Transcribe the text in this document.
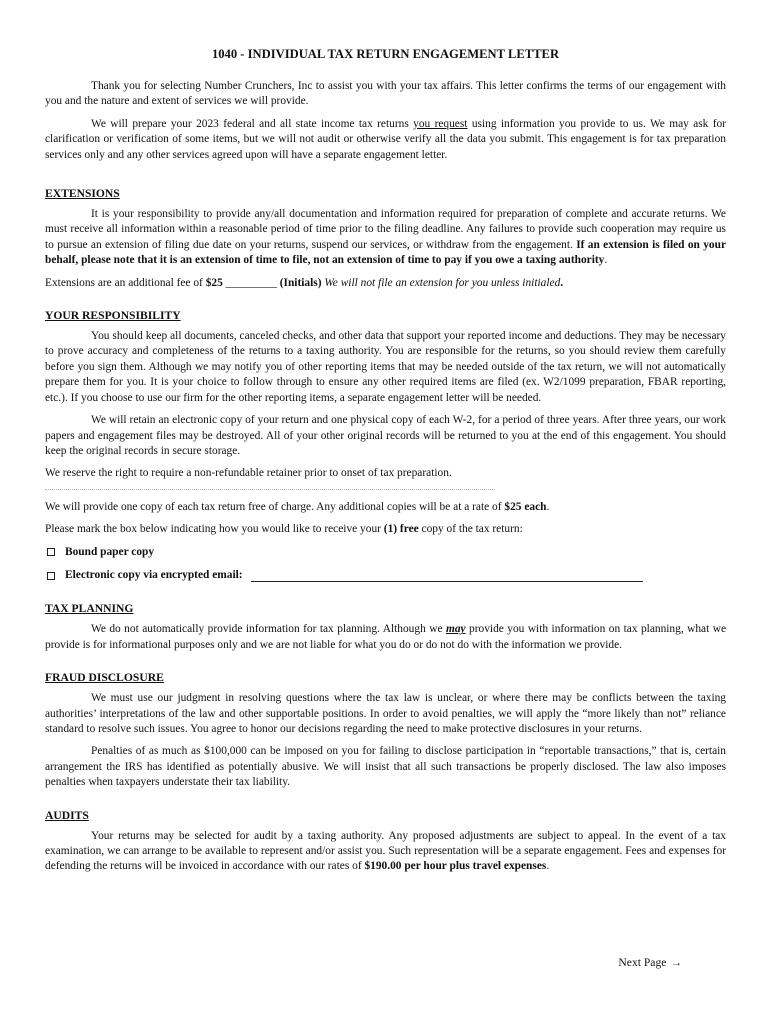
1040 - INDIVIDUAL TAX RETURN ENGAGEMENT LETTER

Thank you for selecting Number Crunchers, Inc to assist you with your tax affairs. This letter confirms the terms of our engagement with you and the nature and extent of services we will provide.

We will prepare your 2023 federal and all state income tax returns you request using information you provide to us. We may ask for clarification or verification of some items, but we will not audit or otherwise verify all the data you submit. This engagement is for tax preparation services only and any other services agreed upon will have a separate engagement letter.

EXTENSIONS

It is your responsibility to provide any/all documentation and information required for preparation of complete and accurate returns. We must receive all information within a reasonable period of time prior to the filing deadline. Any failures to provide such cooperation may require us to pursue an extension of filing due date on your returns, suspend our services, or withdraw from the engagement. If an extension is filed on your behalf, please note that it is an extension of time to file, not an extension of time to pay if you owe a taxing authority.

Extensions are an additional fee of $25 _________ (Initials) We will not file an extension for you unless initialed.

YOUR RESPONSIBILITY

You should keep all documents, canceled checks, and other data that support your reported income and deductions. They may be necessary to prove accuracy and completeness of the returns to a taxing authority. You are responsible for the returns, so you should review them carefully before you sign them. Although we may notify you of other reporting items that may be needed outside of the tax return, we will not automatically prepare them for you. It is your choice to follow through to ensure any other required items are filed (ex. W2/1099 preparation, FBAR reporting, etc.). If you choose to use our firm for the other reporting items, a separate engagement letter will be needed.

We will retain an electronic copy of your return and one physical copy of each W-2, for a period of three years. After three years, our work papers and engagement files may be destroyed. All of your other original records will be returned to you at the end of this engagement. You should keep the original records in secure storage.

We reserve the right to require a non-refundable retainer prior to onset of tax preparation.

We will provide one copy of each tax return free of charge. Any additional copies will be at a rate of $25 each.

Please mark the box below indicating how you would like to receive your (1) free copy of the tax return:

Bound paper copy
Electronic copy via encrypted email:
TAX PLANNING

We do not automatically provide information for tax planning. Although we may provide you with information on tax planning, what we provide is for informational purposes only and we are not liable for what you do or do not do with the information we provide.

FRAUD DISCLOSURE

We must use our judgment in resolving questions where the tax law is unclear, or where there may be conflicts between the taxing authorities’ interpretations of the law and other supportable positions. In order to avoid penalties, we will apply the “more likely than not” reliance standard to resolve such issues. You agree to honor our decisions regarding the need to make protective disclosures in your returns.

Penalties of as much as $100,000 can be imposed on you for failing to disclose participation in “reportable transactions,” that is, certain arrangement the IRS has identified as potentially abusive. We will insist that all such transactions be properly disclosed. The law also imposes penalties when taxpayers understate their tax liability.

AUDITS

Your returns may be selected for audit by a taxing authority. Any proposed adjustments are subject to appeal. In the event of a tax examination, we can arrange to be available to represent and/or assist you. Such representation will be a separate engagement. Fees and expenses for defending the returns will be invoiced in accordance with our rates of $190.00 per hour plus travel expenses.

Next Page →
